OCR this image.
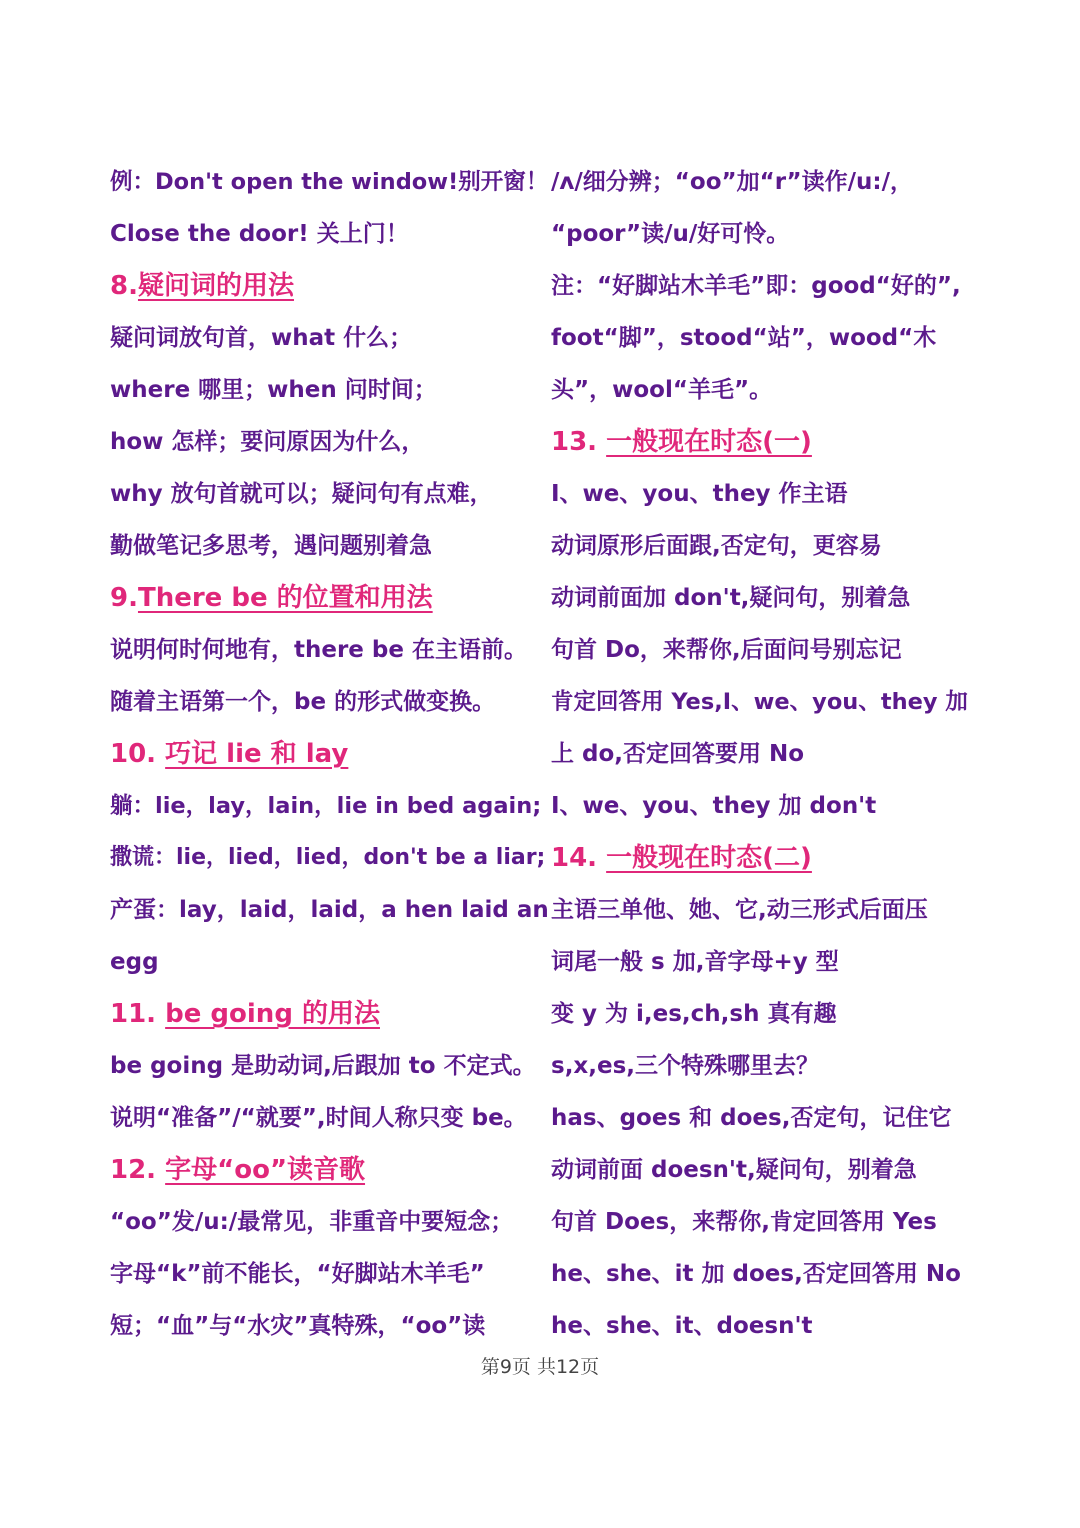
例：Don't open the window!别开窗！
Close the door! 关上门！
8.疑问词的用法
疑问词放句首，what 什么；
where 哪里；when 问时间；
how 怎样；要问原因为什么，
why 放句首就可以；疑问句有点难，
勤做笔记多思考，遇问题别着急
9.There be 的位置和用法
说明何时何地有，there be 在主语前。
随着主语第一个，be 的形式做变换。
10. 巧记 lie 和 lay
躺：lie，lay，lain，lie in bed again;
撒谎：lie，lied，lied，don't be a liar;
产蛋：lay，laid，laid，a hen laid an
egg
11. be going 的用法
be going 是助动词,后跟加 to 不定式。
说明“准备”/“就要”,时间人称只变 be。
12. 字母“oo”读音歌
“oo”发/u:/最常见，非重音中要短念；
字母“k”前不能长，“好脚站木羊毛”
短；“血”与“水灾”真特殊，“oo”读
/ʌ/细分辨；“oo”加“r”读作/u:/，
“poor”读/u/好可怜。
注：“好脚站木羊毛”即：good“好的”,
foot“脚”，stood“站”，wood“木
头”，wool“羊毛”。
13. 一般现在时态(一)
I、we、you、they 作主语
动词原形后面跟,否定句，更容易
动词前面加 don't,疑问句，别着急
句首 Do，来帮你,后面问号别忘记
肯定回答用 Yes,I、we、you、they 加
上 do,否定回答要用 No
I、we、you、they 加 don't
14. 一般现在时态(二)
主语三单他、她、它,动三形式后面压
词尾一般 s 加,音字母+y 型
变 y 为 i,es,ch,sh 真有趣
s,x,es,三个特殊哪里去？
has、goes 和 does,否定句，记住它
动词前面 doesn't,疑问句，别着急
句首 Does，来帮你,肯定回答用 Yes
he、she、it 加 does,否定回答用 No
he、she、it、doesn't
第9页 共12页
